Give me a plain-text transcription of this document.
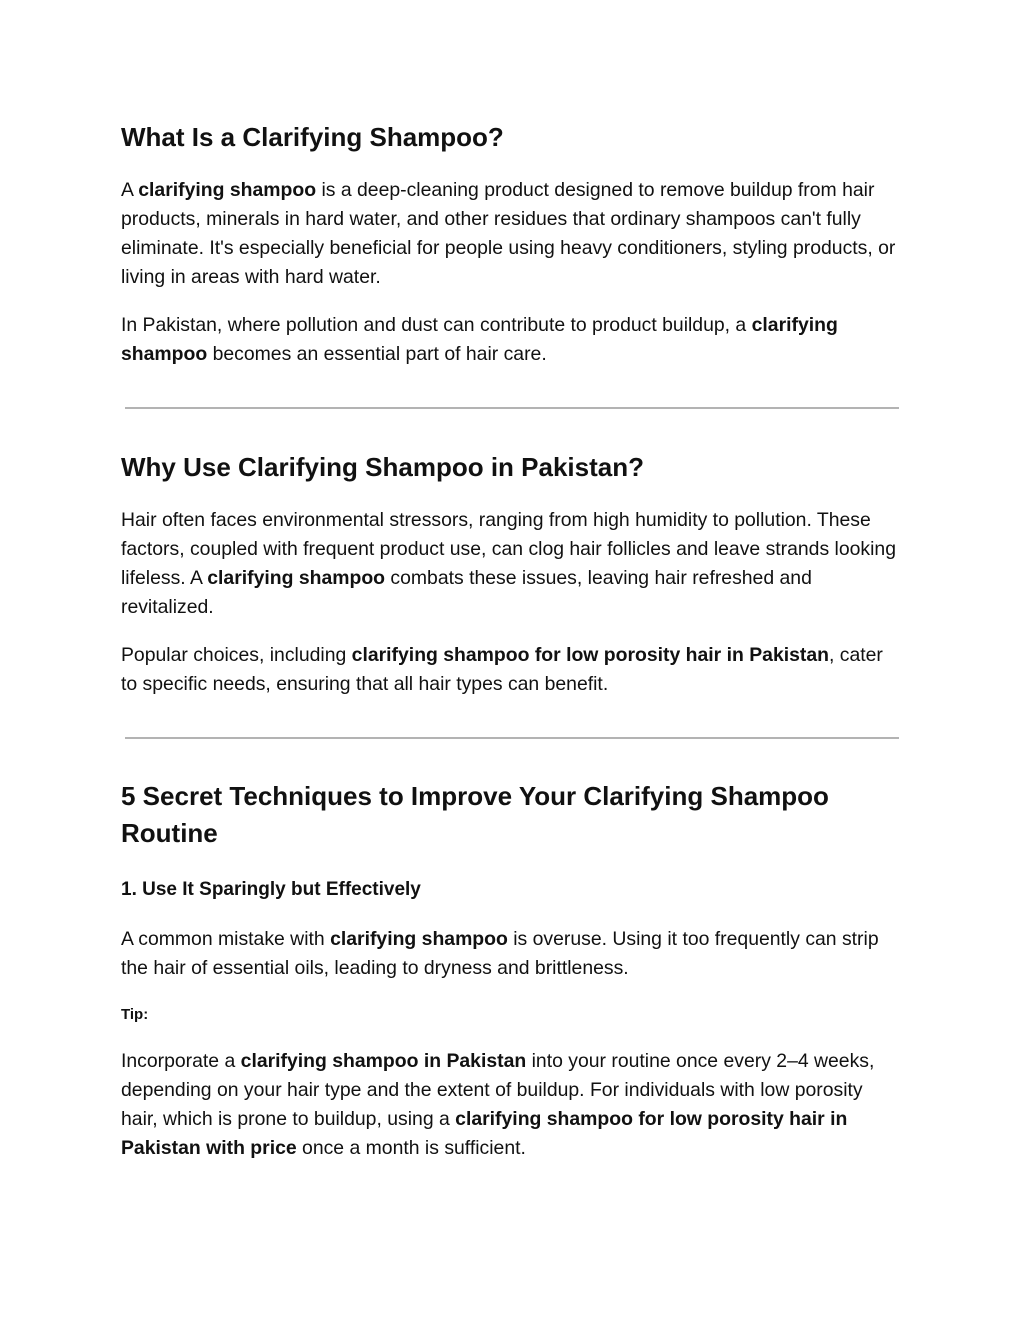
What Is a Clarifying Shampoo?

A clarifying shampoo is a deep-cleaning product designed to remove buildup from hair products, minerals in hard water, and other residues that ordinary shampoos can't fully eliminate. It's especially beneficial for people using heavy conditioners, styling products, or living in areas with hard water.

In Pakistan, where pollution and dust can contribute to product buildup, a clarifying shampoo becomes an essential part of hair care.

Why Use Clarifying Shampoo in Pakistan?

Hair often faces environmental stressors, ranging from high humidity to pollution. These factors, coupled with frequent product use, can clog hair follicles and leave strands looking lifeless. A clarifying shampoo combats these issues, leaving hair refreshed and revitalized.

Popular choices, including clarifying shampoo for low porosity hair in Pakistan, cater to specific needs, ensuring that all hair types can benefit.

5 Secret Techniques to Improve Your Clarifying Shampoo Routine
1. Use It Sparingly but Effectively

A common mistake with clarifying shampoo is overuse. Using it too frequently can strip the hair of essential oils, leading to dryness and brittleness.

Tip:

Incorporate a clarifying shampoo in Pakistan into your routine once every 2–4 weeks, depending on your hair type and the extent of buildup. For individuals with low porosity hair, which is prone to buildup, using a clarifying shampoo for low porosity hair in Pakistan with price once a month is sufficient.
